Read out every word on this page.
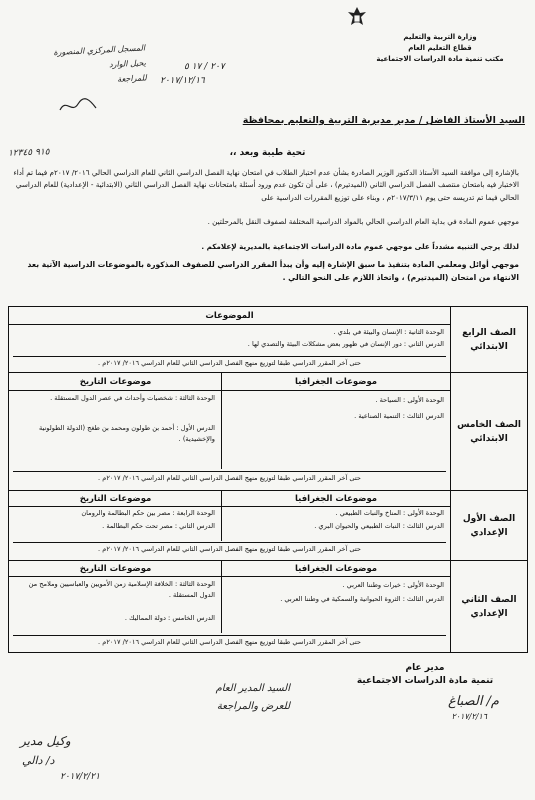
وزارة التربية والتعليم
قطاع التعليم العام
مكتب تنمية مادة الدراسات الاجتماعية
المسجل المركزي المنصورة
يحيل الوارد
للمراجعة
٢٠٧ / ١٧ ٥
٢٠١٧/١٢/١٦
٩١٥ ١٢٣٤٥
السيد الأستاذ الفاضل / مدير مديرية التربية والتعليم بمحافظة
تحية طيبة وبعد ،،
بالإشارة إلى موافقة السيد الأستاذ الدكتور الوزير الصادرة بشأن عدم اختبار الطلاب في امتحان نهاية الفصل الدراسي الثاني للعام الدراسي الحالي ٢٠١٦/ ٢٠١٧م فيما تم أداء الاختبار فيه بامتحان منتصف الفصل الدراسي الثاني (الميدتيرم) ، على أن تكون عدم ورود أسئلة بامتحانات نهاية الفصل الدراسي الثاني (الابتدائية - الإعدادية) للعام الدراسي الحالي فيما تم تدريسه حتى يوم ٢٠١٧/٣/١١م ، وبناء على توزيع المقررات الدراسية على
موجهي عموم المادة في بداية العام الدراسي الحالي بالمواد الدراسية المختلفة لصفوف النقل بالمرحلتين .
لذلك يرجي التنبيه مشدداً على موجهي عموم مادة الدراسات الاجتماعية بالمديرية لإعلامكم .
موجهي أوائل ومعلمي المادة بتنفيذ ما سبق الإشارة إليه وأن يبدأ المقرر الدراسي للصفوف المذكورة بالموضوعات الدراسية الآتية بعد الانتهاء من امتحان (الميدتيرم) ، واتخاذ اللازم على النحو التالي .
الصف الرابع الابتدائي
الموضوعات
الوحدة الثانية : الإنسان والبيئة في بلدي .
الدرس الثاني : دور الإنسان في ظهور بعض مشكلات البيئة والتصدي لها .
حتى آخر المقرر الدراسي طبقا لتوزيع منهج الفصل الدراسي الثاني للعام الدراسي ٢٠١٦/ ٢٠١٧م .
الصف الخامس الابتدائي
موضوعات الجغرافيا
موضوعات التاريخ
الوحدة الأولى : السياحة .
الدرس الثالث : التنمية الصناعية .
الوحدة الثالثة : شخصيات وأحداث في عصر الدول المستقلة .
الدرس الأول : أحمد بن طولون ومحمد بن طغج (الدولة الطولونية والإخشيدية) .
حتى آخر المقرر الدراسي طبقا لتوزيع منهج الفصل الدراسي الثاني للعام الدراسي ٢٠١٦/ ٢٠١٧م .
الصف الأول الإعدادي
موضوعات الجغرافيا
موضوعات التاريخ
الوحدة الأولى : المناخ والنبات الطبيعي .
الدرس الثالث : النبات الطبيعي والحيوان البري .
الوحدة الرابعة : مصر بين حكم البطالمة والرومان
الدرس الثاني : مصر تحت حكم البطالمة .
حتى آخر المقرر الدراسي طبقا لتوزيع منهج الفصل الدراسي الثاني للعام الدراسي ٢٠١٦/ ٢٠١٧م .
الصف الثاني الإعدادي
موضوعات الجغرافيا
موضوعات التاريخ
الوحدة الأولى : خيرات وطننا العربي .
الدرس الثالث : الثروة الحيوانية والسمكية في وطننا العربي .
الوحدة الثالثة : الخلافة الإسلامية زمن الأمويين والعباسيين وملامح من الدول المستقلة .
الدرس الخامس : دولة المماليك .
حتى آخر المقرر الدراسي طبقا لتوزيع منهج الفصل الدراسي الثاني للعام الدراسي ٢٠١٦/ ٢٠١٧م .
مدير عام
تنمية مادة الدراسات الاجتماعية
م/ الصباغ
٢٠١٧/٢/١٦
السيد المدير العام
للعرض والمراجعة
وكيل مدير
د/ دالي
٢٠١٧/٢/٢١
